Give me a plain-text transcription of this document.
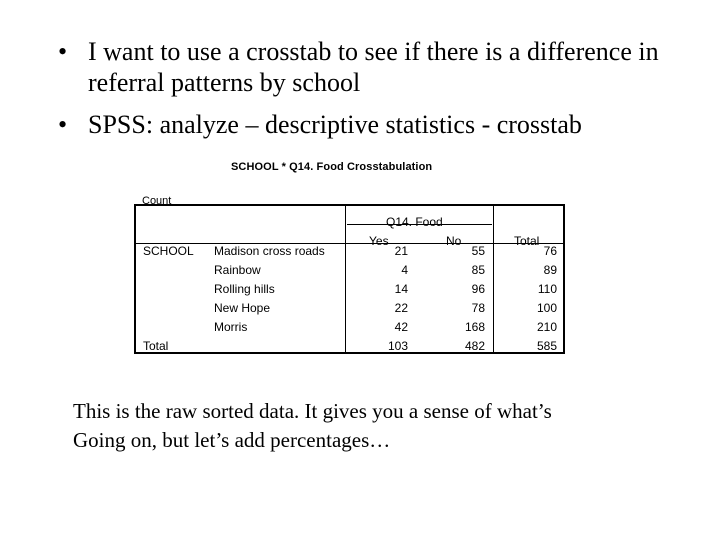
• I want to use a crosstab to see if there is a difference in referral patterns by school
• SPSS: analyze – descriptive statistics - crosstab
SCHOOL * Q14. Food Crosstabulation
Count
Q14. Food
Yes	No	Total
SCHOOL Madison cross roads	21	55	76
Rainbow	4	85	89
Rolling hills	14	96	110
New Hope	22	78	100
Morris	42	168	210
Total	103	482	585
This is the raw sorted data. It gives you a sense of what’s
Going on, but let’s add percentages…
